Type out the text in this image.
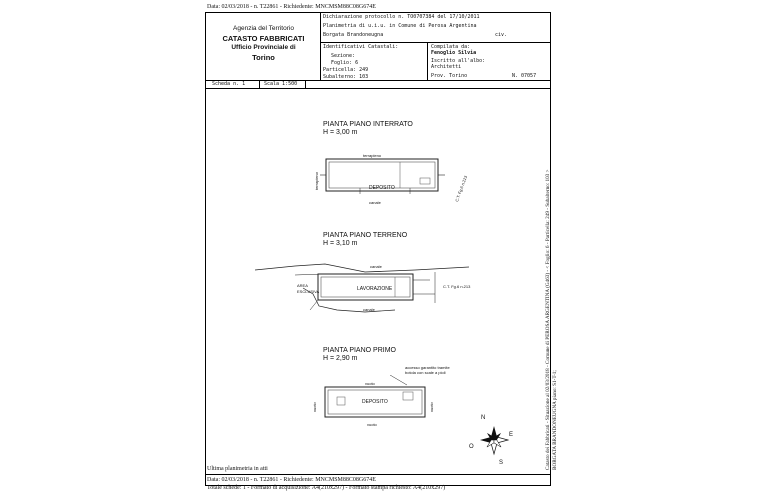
Data: 02/03/2018 - n. T22861 - Richiedente: MNCMSM88C08G674E
Agenzia del Territorio
CATASTO FABBRICATI
Ufficio Provinciale di
Torino
Dichiarazione protocollo n. TO0707384 del 17/10/2011
Planimetria di u.i.u. in Comune di Perosa Argentina
Borgata Brandoneugna	civ.
Identificativi Catastali:
Sezione:
Foglio: 6
Particella: 249
Subalterno: 103
Compilata da:
Fenoglio Silvia
Iscritto all'albo:
Architetti
Prov. Torino	N. 07057
Scheda n. 1	Scala 1:500
PIANTA PIANO INTERRATO
H = 3,00 m
terrapieno
terrapieno	DEPOSITO
canale
C.T. Fg.6 n.213
PIANTA PIANO TERRENO
H = 3,10 m
canale
AREA
ESCLUSIVA	LAVORAZIONE	C.T. Fg.6 n.213
canale
PIANTA PIANO PRIMO
H = 2,90 m
accesso garantito tramite
botola con scale a pioli
vuoto
vuoto	vuoto
DEPOSITO
vuoto
N
E
S
O
Ultima planimetria in atti
Data: 02/03/2018 - n. T22861 - Richiedente: MNCMSM88C08G674E
Totale schede: 1 - Formato di acquisizione: A4(210x297) - Formato stampa richiesto: A4(210x297)
Catasto dei Fabbricati - Situazione al 02/03/2018 - Comune di PEROSA ARGENTINA (G463) - < Foglio: 6 - Particella: 249 - Subalterno: 103 > BORGATA BRANDONEUGNA piano: S1-T-1;
